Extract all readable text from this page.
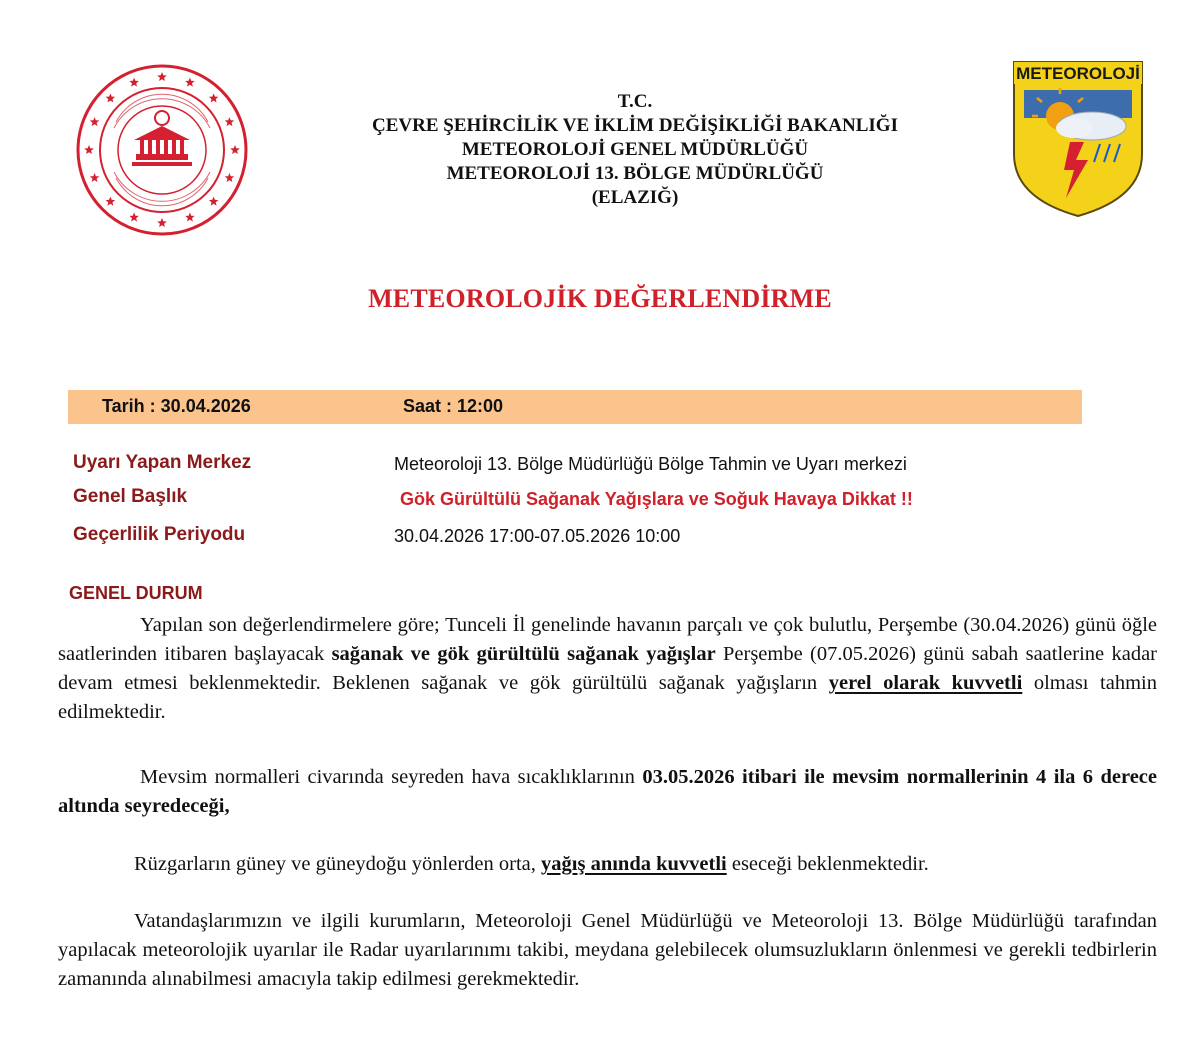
METEOROLOJİ
T.C.
ÇEVRE ŞEHİRCİLİK VE İKLİM DEĞİŞİKLİĞİ BAKANLIĞI
METEOROLOJİ GENEL MÜDÜRLÜĞÜ
METEOROLOJİ 13. BÖLGE MÜDÜRLÜĞÜ
(ELAZIĞ)
METEOROLOJİK DEĞERLENDİRME
Tarih : 30.04.2026	Saat : 12:00
Uyarı Yapan Merkez	Meteoroloji 13. Bölge Müdürlüğü Bölge Tahmin ve Uyarı merkezi
Genel Başlık	Gök Gürültülü Sağanak Yağışlara ve Soğuk Havaya Dikkat !!
Geçerlilik Periyodu	30.04.2026 17:00-07.05.2026 10:00
GENEL DURUM
Yapılan son değerlendirmelere göre; Tunceli İl genelinde havanın parçalı ve çok bulutlu, Perşembe (30.04.2026) günü öğle saatlerinden itibaren başlayacak sağanak ve gök gürültülü sağanak yağışlar Perşembe (07.05.2026) günü sabah saatlerine kadar devam etmesi beklenmektedir. Beklenen sağanak ve gök gürültülü sağanak yağışların yerel olarak kuvvetli olması tahmin edilmektedir.
Mevsim normalleri civarında seyreden hava sıcaklıklarının 03.05.2026 itibari ile mevsim normallerinin 4 ila 6 derece altında seyredeceği,
Rüzgarların güney ve güneydoğu yönlerden orta, yağış anında kuvvetli eseceği beklenmektedir.
Vatandaşlarımızın ve ilgili kurumların, Meteoroloji Genel Müdürlüğü ve Meteoroloji 13. Bölge Müdürlüğü tarafından yapılacak meteorolojik uyarılar ile Radar uyarılarınımı takibi, meydana gelebilecek olumsuzlukların önlenmesi ve gerekli tedbirlerin zamanında alınabilmesi amacıyla takip edilmesi gerekmektedir.
